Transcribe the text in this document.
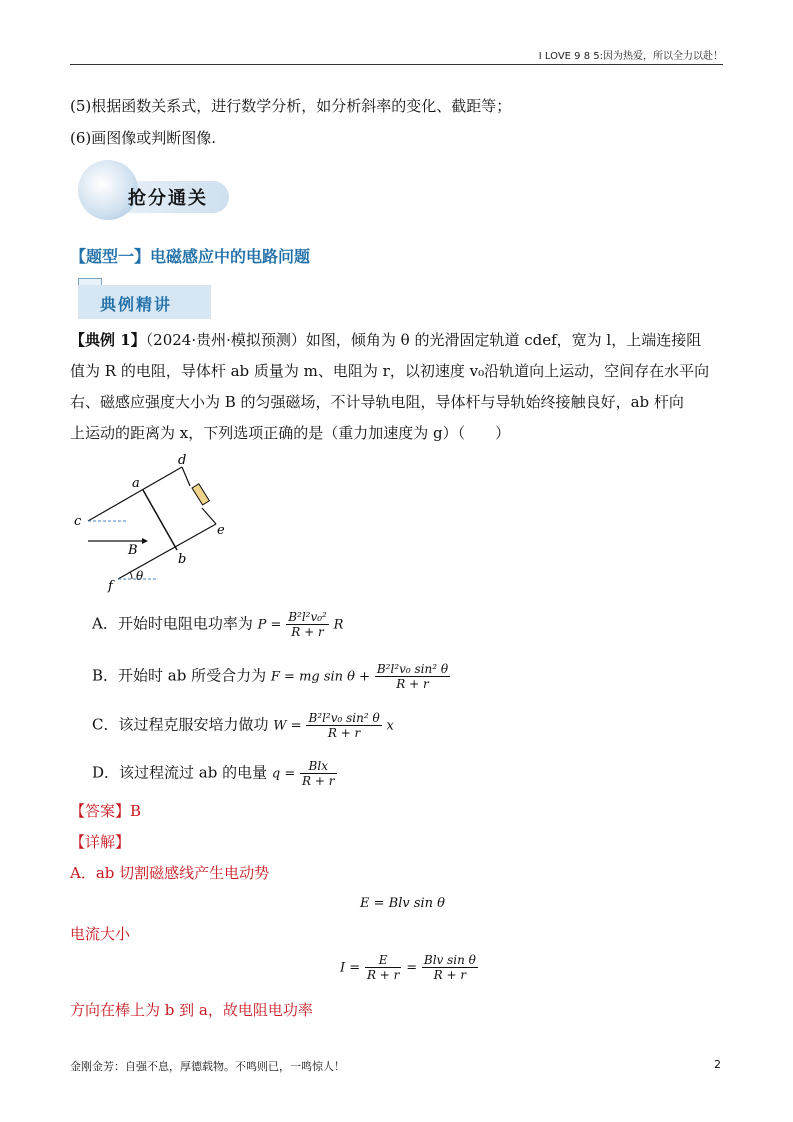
I LOVE 9 8 5:因为热爱，所以全力以赴！
(5)根据函数关系式，进行数学分析，如分析斜率的变化、截距等；
(6)画图像或判断图像.
抢分通关
【题型一】电磁感应中的电路问题
典例精讲
【典例 1】（2024·贵州·模拟预测）如图，倾角为 θ 的光滑固定轨道 cdef，宽为 l，上端连接阻
值为 R 的电阻，导体杆 ab 质量为 m、电阻为 r，以初速度 v₀沿轨道向上运动，空间存在水平向
右、磁感应强度大小为 B 的匀强磁场，不计导轨电阻，导体杆与导轨始终接触良好，ab 杆向
上运动的距离为 x，下列选项正确的是（重力加速度为 g）（　　）
a
b
c
d
e
f
B
θ
A．开始时电阻电功率为 $P = \frac{\text{B²l²v₀²}}{R + r}$ R
B．开始时 ab 所受合力为 F = mg $\sin \theta + \frac{\text{B²l²v₀ sin² θ}}{R + r}$
C．该过程克服安培力做功 $W = \frac{\text{B²l²v₀ sin² θ}}{R + r}$ x
D．该过程流过 ab 的电量 $q = \frac{\text{Blx}}{R + r}$
【答案】B
【详解】
A．ab 切割磁感线产生电动势
E = Blv sin θ
电流大小
$I = \frac{E}{R + r} = \frac{\text{Blv sin θ}}{R + r}$
方向在棒上为 b 到 a，故电阻电功率
金刚金芳：自强不息，厚德载物。不鸣则已，一鸣惊人！	2
